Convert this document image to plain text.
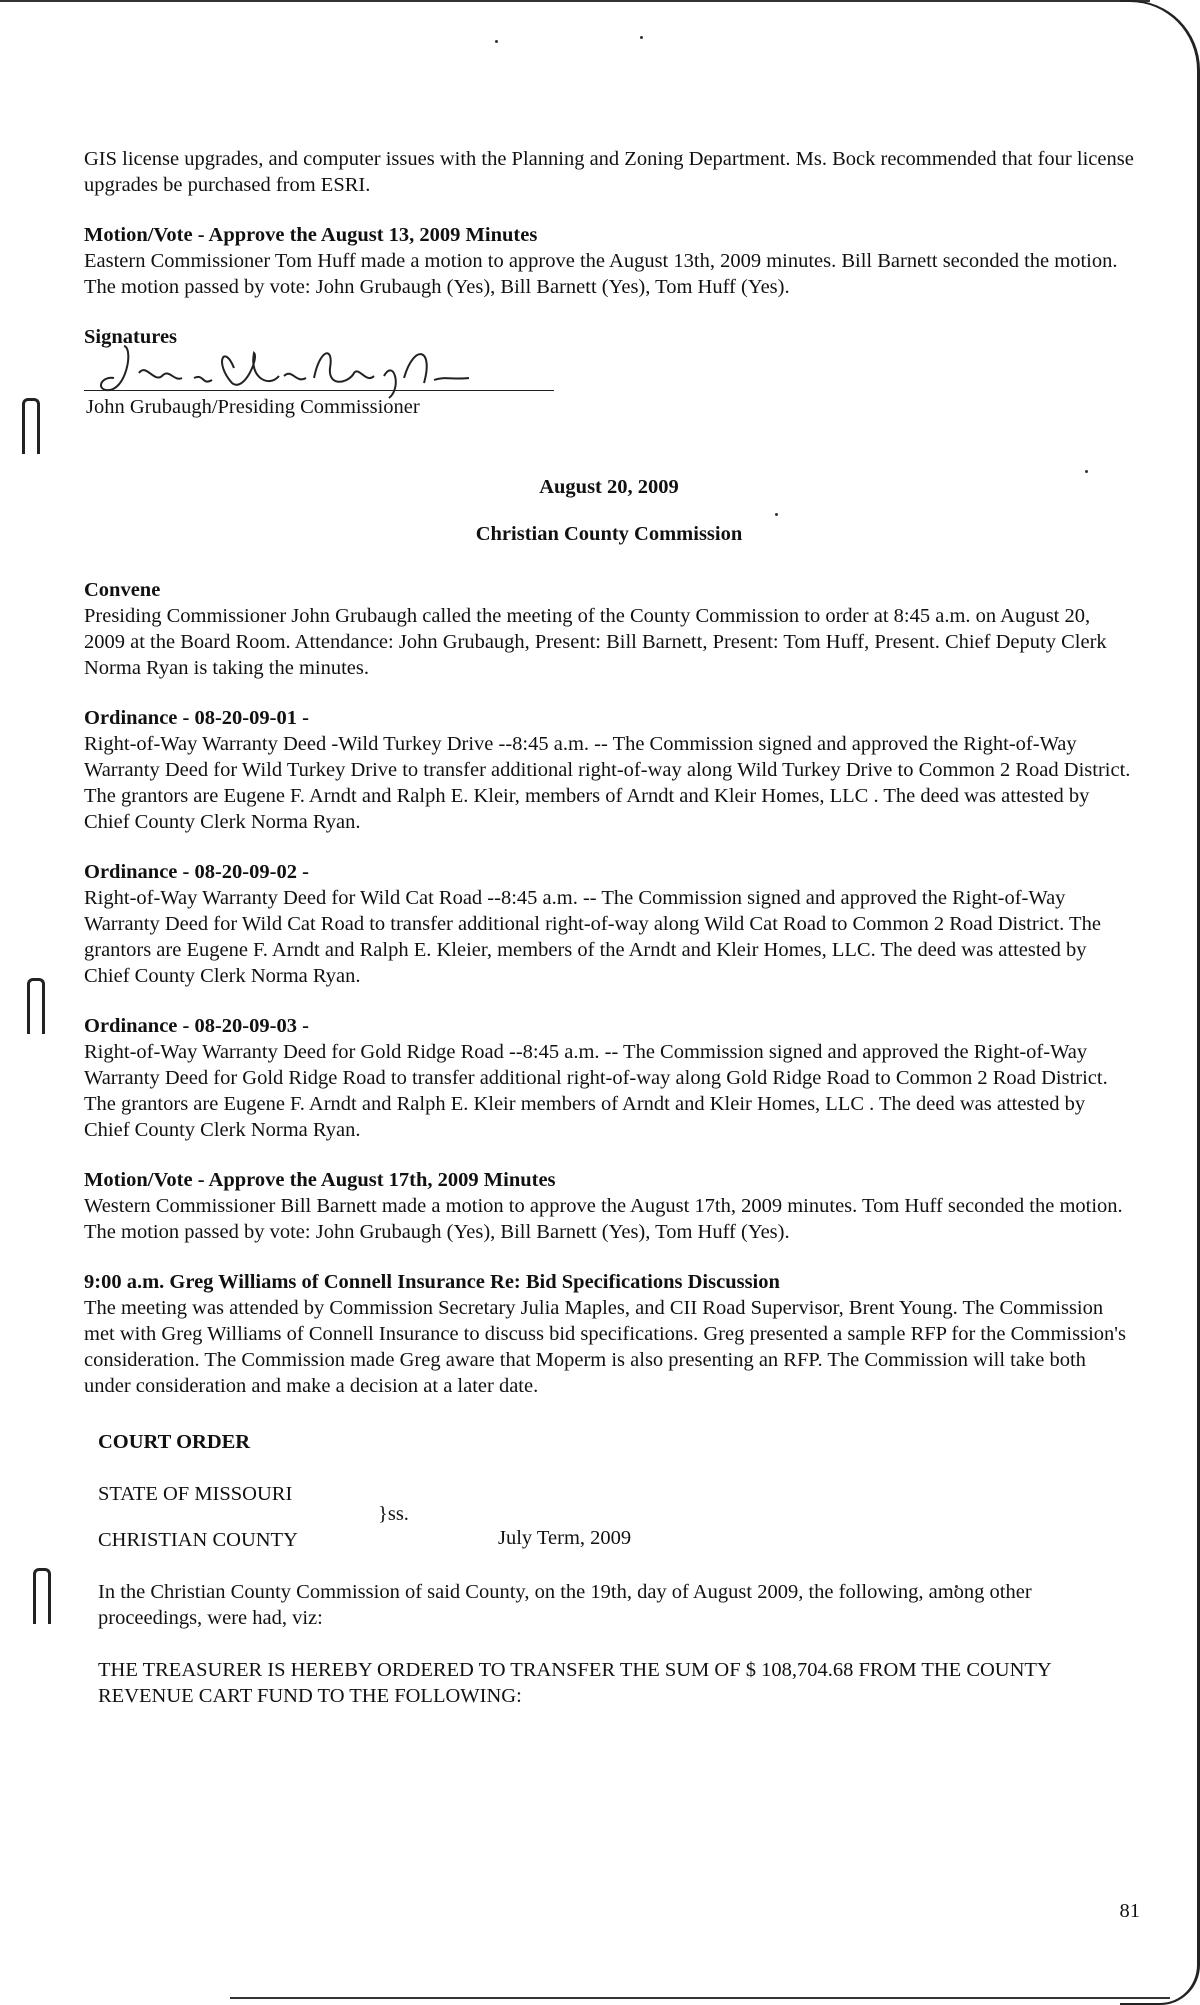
GIS license upgrades, and computer issues with the Planning and Zoning Department. Ms. Bock recommended that four license upgrades be purchased from ESRI.

Motion/Vote - Approve the August 13, 2009 Minutes

Eastern Commissioner Tom Huff made a motion to approve the August 13th, 2009 minutes. Bill Barnett seconded the motion. The motion passed by vote: John Grubaugh (Yes), Bill Barnett (Yes), Tom Huff (Yes).

Signatures

John Grubaugh/Presiding Commissioner

August 20, 2009

Christian County Commission

Convene

Presiding Commissioner John Grubaugh called the meeting of the County Commission to order at 8:45 a.m. on August 20, 2009 at the Board Room. Attendance: John Grubaugh, Present: Bill Barnett, Present: Tom Huff, Present. Chief Deputy Clerk Norma Ryan is taking the minutes.

Ordinance - 08-20-09-01 -

Right-of-Way Warranty Deed -Wild Turkey Drive --8:45 a.m. -- The Commission signed and approved the Right-of-Way Warranty Deed for Wild Turkey Drive to transfer additional right-of-way along Wild Turkey Drive to Common 2 Road District. The grantors are Eugene F. Arndt and Ralph E. Kleir, members of Arndt and Kleir Homes, LLC . The deed was attested by Chief County Clerk Norma Ryan.

Ordinance - 08-20-09-02 -

Right-of-Way Warranty Deed for Wild Cat Road --8:45 a.m. -- The Commission signed and approved the Right-of-Way Warranty Deed for Wild Cat Road to transfer additional right-of-way along Wild Cat Road to Common 2 Road District. The grantors are Eugene F. Arndt and Ralph E. Kleier, members of the Arndt and Kleir Homes, LLC. The deed was attested by Chief County Clerk Norma Ryan.

Ordinance - 08-20-09-03 -

Right-of-Way Warranty Deed for Gold Ridge Road --8:45 a.m. -- The Commission signed and approved the Right-of-Way Warranty Deed for Gold Ridge Road to transfer additional right-of-way along Gold Ridge Road to Common 2 Road District. The grantors are Eugene F. Arndt and Ralph E. Kleir members of Arndt and Kleir Homes, LLC . The deed was attested by Chief County Clerk Norma Ryan.

Motion/Vote - Approve the August 17th, 2009 Minutes

Western Commissioner Bill Barnett made a motion to approve the August 17th, 2009 minutes. Tom Huff seconded the motion. The motion passed by vote: John Grubaugh (Yes), Bill Barnett (Yes), Tom Huff (Yes).

9:00 a.m. Greg Williams of Connell Insurance Re: Bid Specifications Discussion

The meeting was attended by Commission Secretary Julia Maples, and CII Road Supervisor, Brent Young. The Commission met with Greg Williams of Connell Insurance to discuss bid specifications. Greg presented a sample RFP for the Commission's consideration. The Commission made Greg aware that Moperm is also presenting an RFP. The Commission will take both under consideration and make a decision at a later date.

COURT ORDER

STATE OF MISSOURI
}ss.
CHRISTIAN COUNTY	July Term, 2009

In the Christian County Commission of said County, on the 19th, day of August 2009, the following, among other proceedings, were had, viz:

THE TREASURER IS HEREBY ORDERED TO TRANSFER THE SUM OF $ 108,704.68 FROM THE COUNTY REVENUE CART FUND TO THE FOLLOWING:

81
